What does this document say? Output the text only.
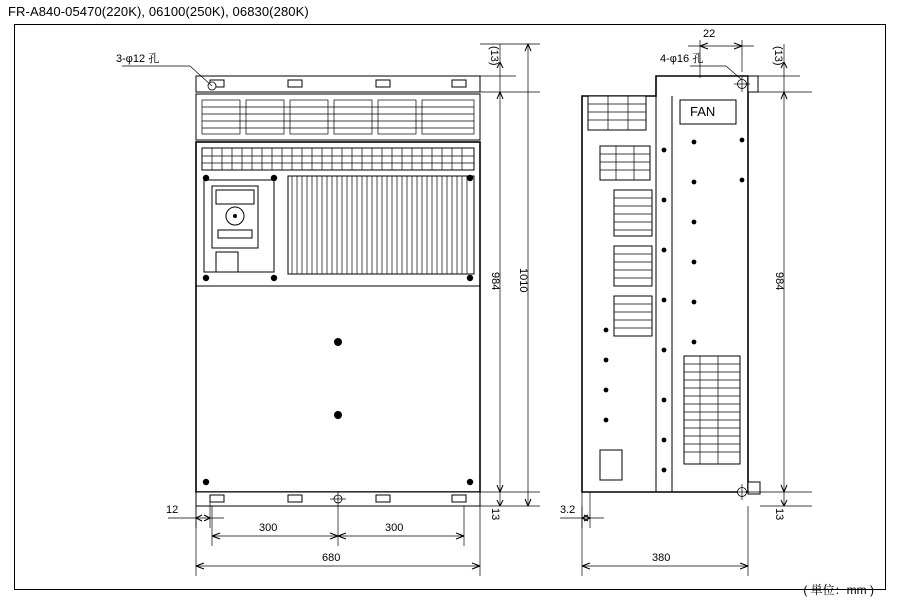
FR-A840-05470(220K), 06100(250K), 06830(280K)
3-φ12 孔	4-φ16 孔
FAN
(13)	(13)
984 1010	984
13	13
12
300	300
680
22
3.2
380
( 単位：mm )
